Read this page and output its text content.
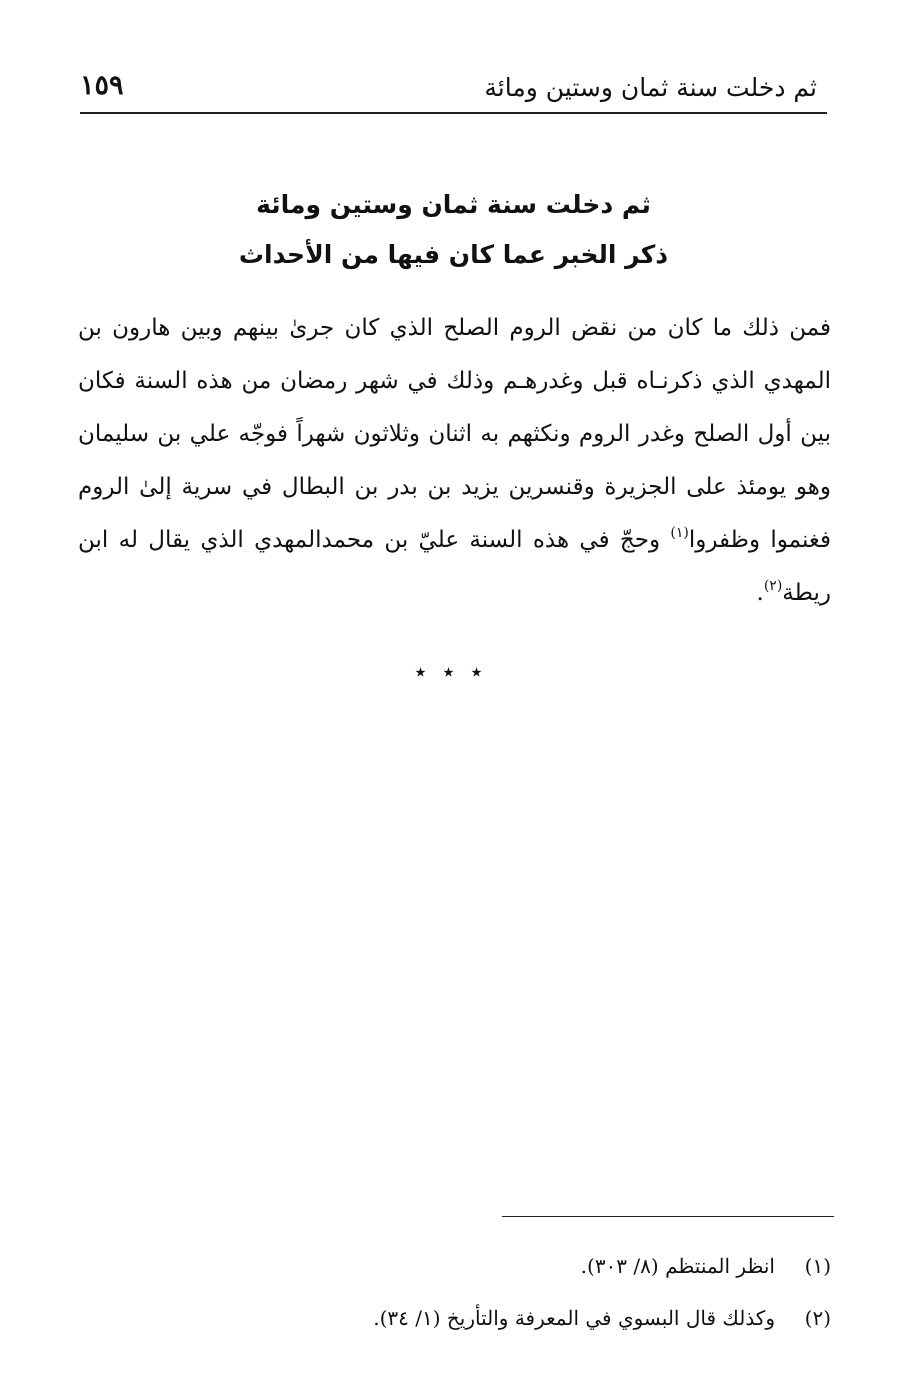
ثم دخلت سنة ثمان وستين ومائة
١٥٩
ثم دخلت سنة ثمان وستين ومائة
ذكر الخبر عما كان فيها من الأحداث
فمن ذلك ما كان من نقض الروم الصلح الذي كان جرىٰ بينهم وبين هارون بن المهدي الذي ذكرنـاه قبل وغدرهـم وذلك في شهر رمضان من هذه السنة فكان بين أول الصلح وغدر الروم ونكثهم به اثنان وثلاثون شهراً فوجّه علي بن سليمان وهو يومئذ على الجزيرة وقنسرين يزيد بن بدر بن البطال في سرية إلىٰ الروم فغنموا وظفروا$^{(١)}$ وحجّ في هذه السنة عليّ بن محمدالمهدي الذي يقال له ابن ريطة$^{(٢)}$.
٭٭٭
(١)انظر المنتظم (٨/ ٣٠٣).
(٢)وكذلك قال البسوي في المعرفة والتأريخ (١/ ٣٤).
